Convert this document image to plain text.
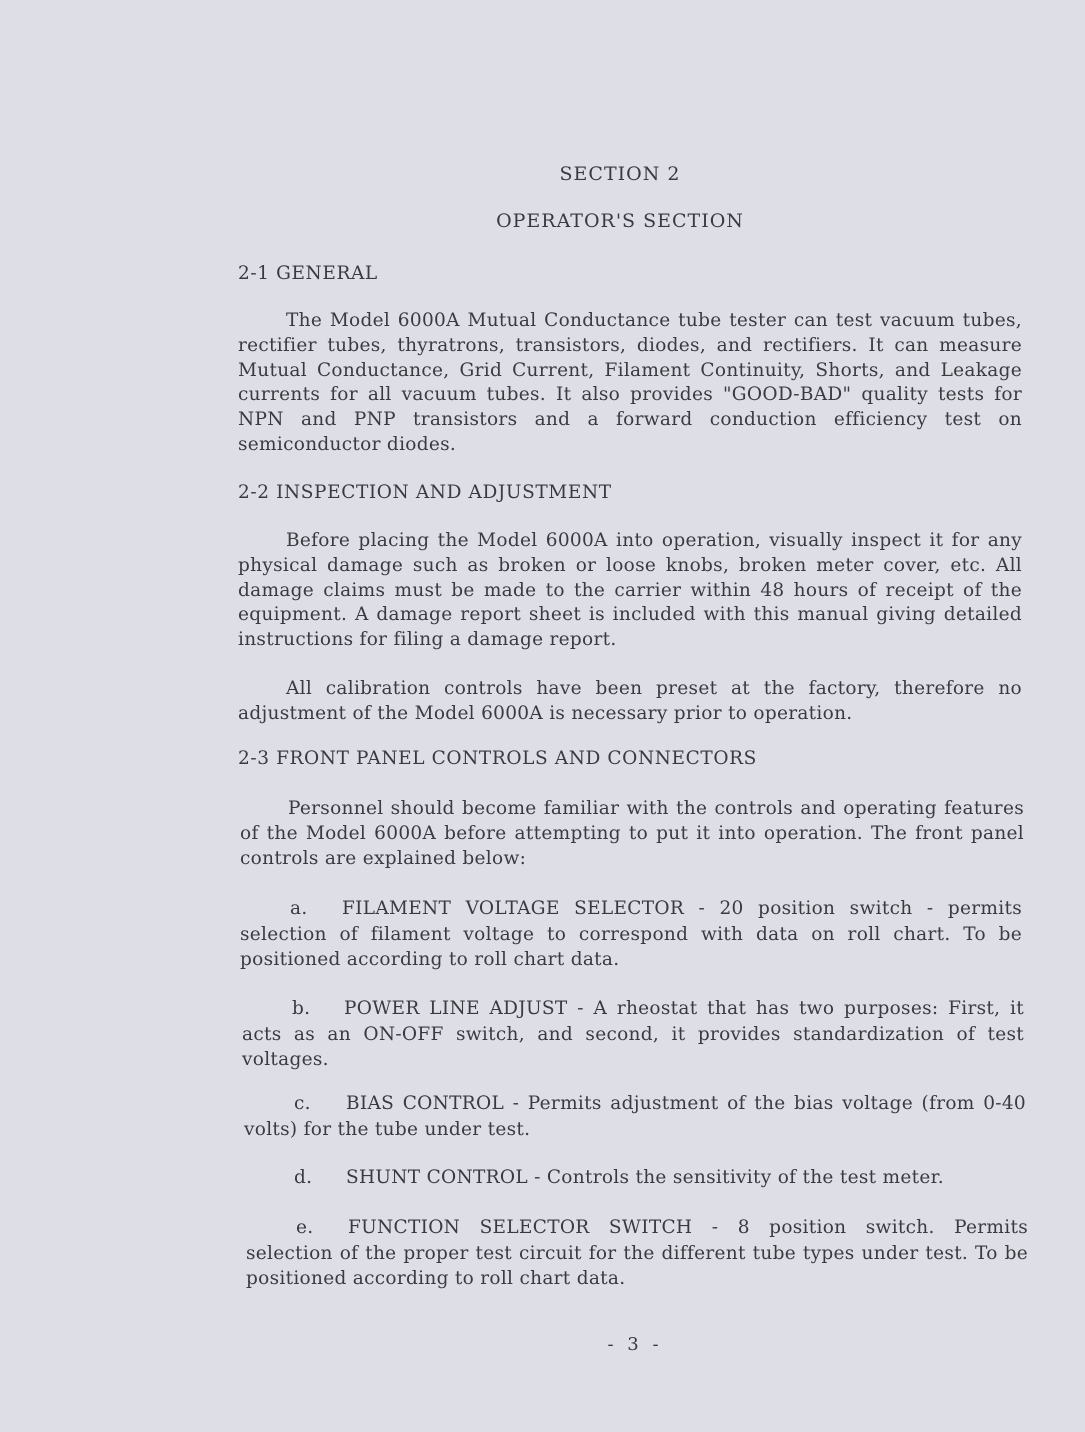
SECTION 2
OPERATOR'S SECTION
2-1 GENERAL

The Model 6000A Mutual Conductance tube tester can test vacuum tubes, rectifier tubes, thyratrons, transistors, diodes, and rectifiers. It can measure Mutual Conductance, Grid Current, Filament Continuity, Shorts, and Leakage currents for all vacuum tubes. It also provides "GOOD-BAD" quality tests for NPN and PNP transistors and a forward conduction efficiency test on semiconductor diodes.

2-2 INSPECTION AND ADJUSTMENT

Before placing the Model 6000A into operation, visually inspect it for any physical damage such as broken or loose knobs, broken meter cover, etc. All damage claims must be made to the carrier within 48 hours of receipt of the equipment. A damage report sheet is included with this manual giving detailed instructions for filing a damage report.

All calibration controls have been preset at the factory, therefore no adjustment of the Model 6000A is necessary prior to operation.

2-3 FRONT PANEL CONTROLS AND CONNECTORS

Personnel should become familiar with the controls and operating features of the Model 6000A before attempting to put it into operation. The front panel controls are explained below:

a. FILAMENT VOLTAGE SELECTOR - 20 position switch - permits selection of filament voltage to correspond with data on roll chart. To be positioned according to roll chart data.

b. POWER LINE ADJUST - A rheostat that has two purposes: First, it acts as an ON-OFF switch, and second, it provides standardization of test voltages.

c. BIAS CONTROL - Permits adjustment of the bias voltage (from 0-40 volts) for the tube under test.

d. SHUNT CONTROL - Controls the sensitivity of the test meter.

e. FUNCTION SELECTOR SWITCH - 8 position switch. Permits selection of the proper test circuit for the different tube types under test. To be positioned according to roll chart data.

- 3 -
